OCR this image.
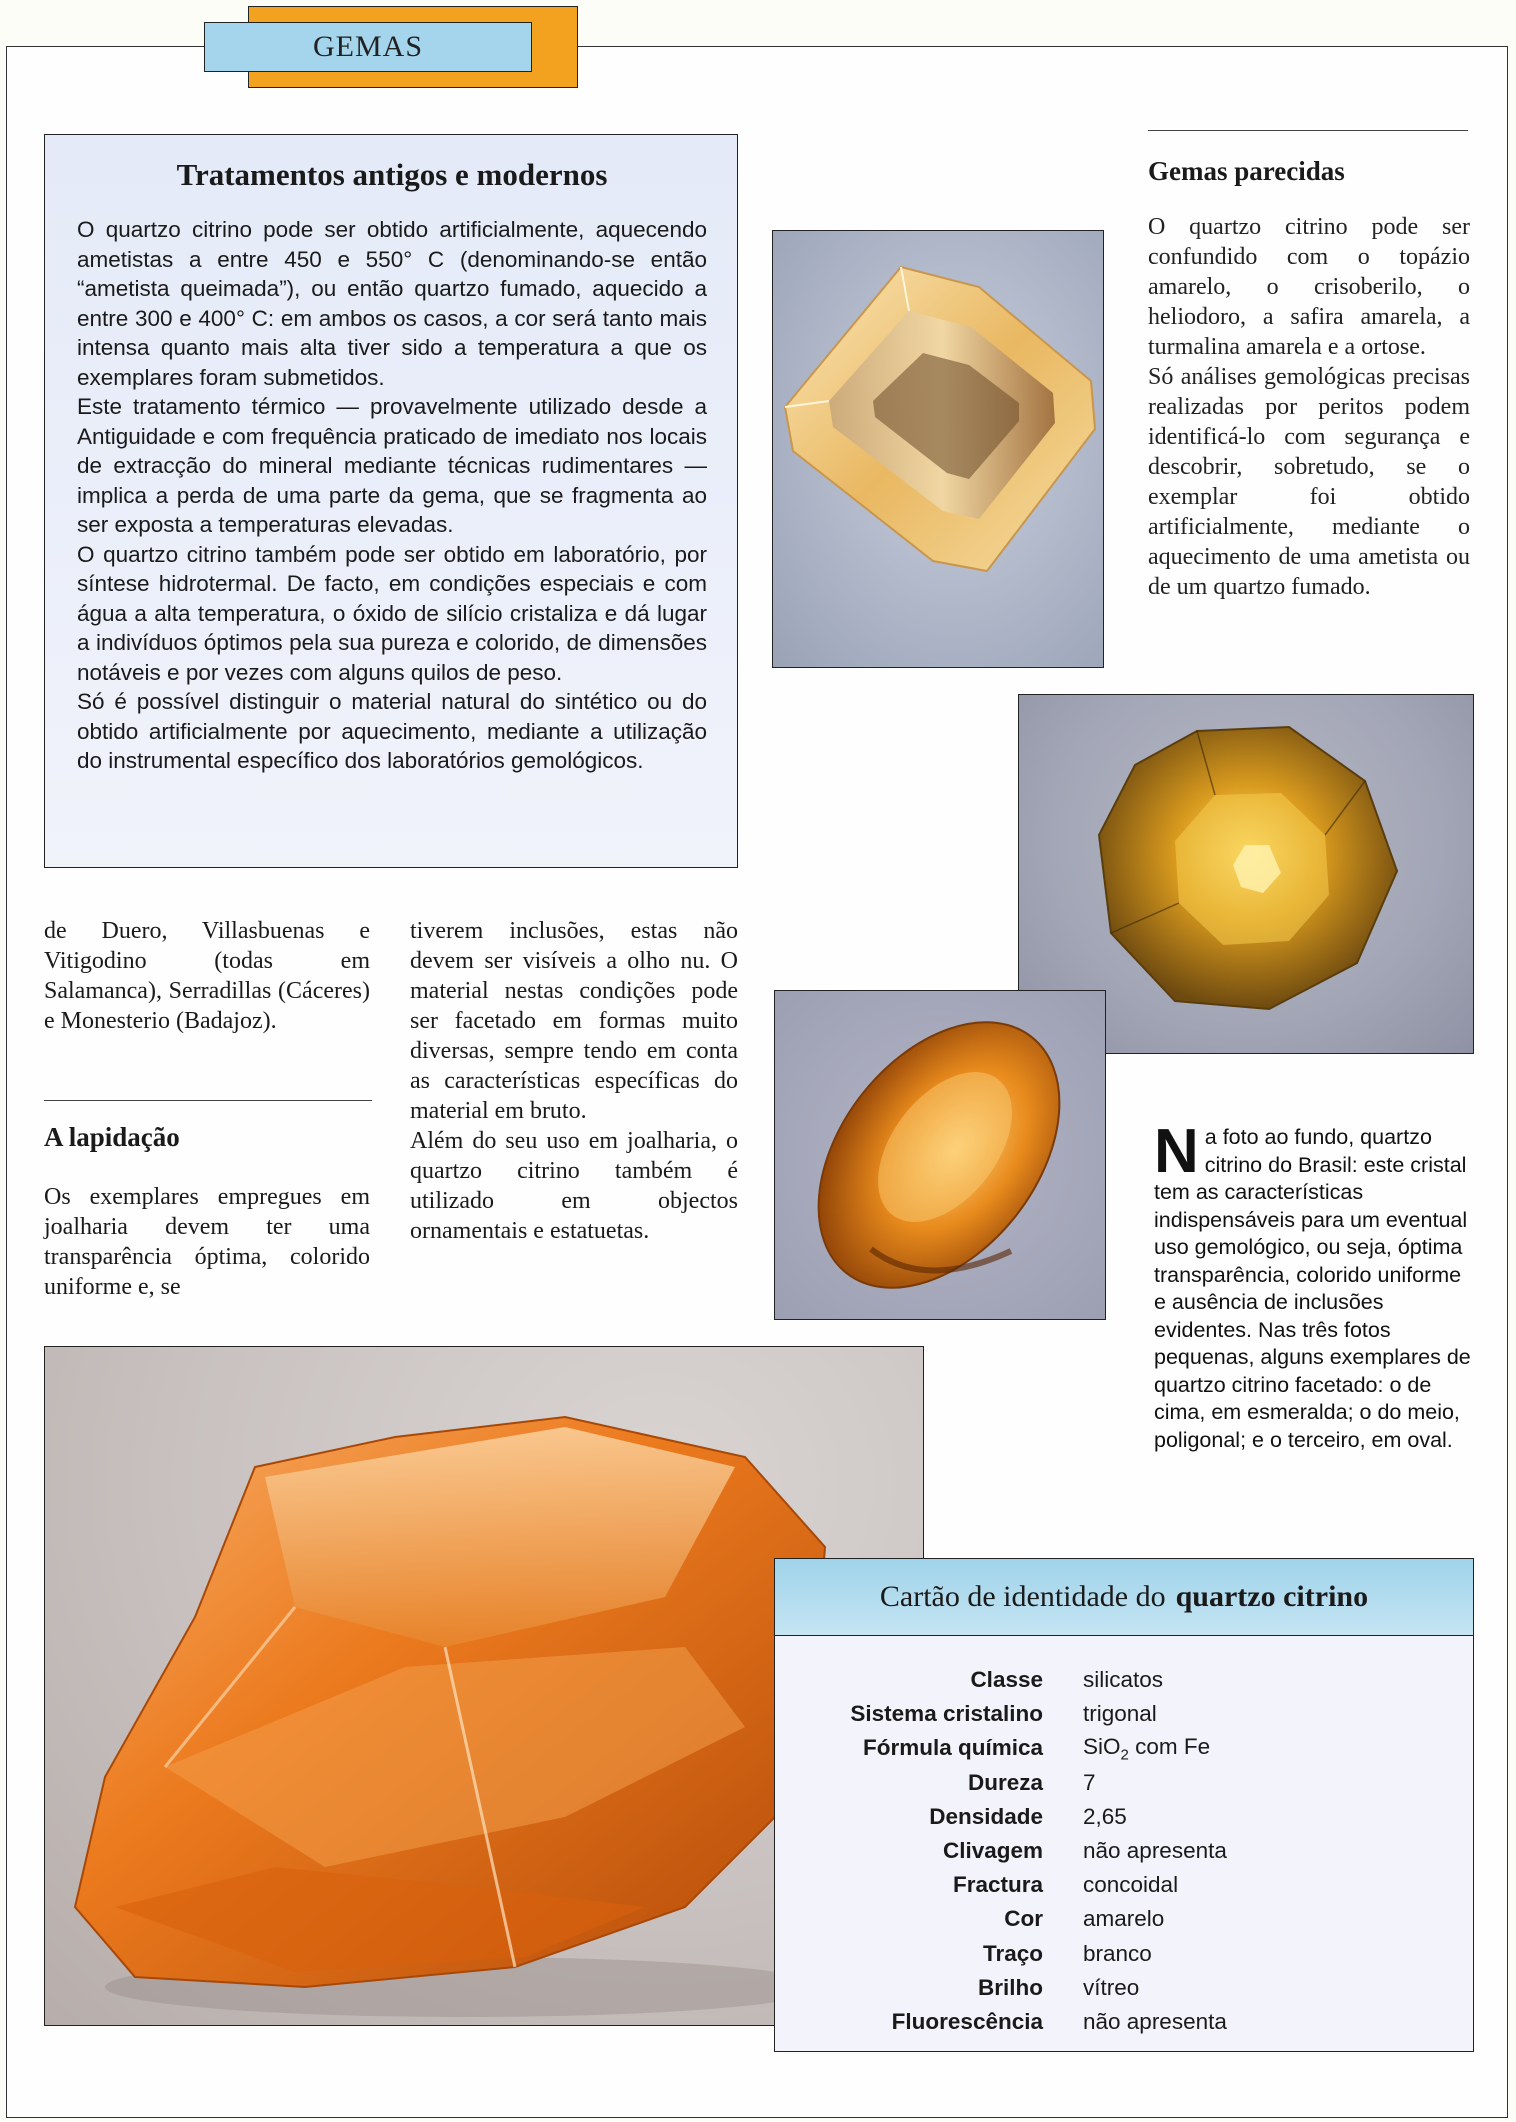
GEMAS
Tratamentos antigos e modernos

O quartzo citrino pode ser obtido artificialmente, aquecendo ametistas a entre 450 e 550° C (denominando-se então “ametista queimada”), ou então quartzo fumado, aquecido a entre 300 e 400° C: em ambos os casos, a cor será tanto mais intensa quanto mais alta tiver sido a temperatura a que os exemplares foram submetidos.

Este tratamento térmico — provavelmente utilizado desde a Antiguidade e com frequência praticado de imediato nos locais de extracção do mineral mediante técnicas rudimentares — implica a perda de uma parte da gema, que se fragmenta ao ser exposta a temperaturas elevadas.

O quartzo citrino também pode ser obtido em laboratório, por síntese hidrotermal. De facto, em condições especiais e com água a alta temperatura, o óxido de silício cristaliza e dá lugar a indivíduos óptimos pela sua pureza e colorido, de dimensões notáveis e por vezes com alguns quilos de peso.

Só é possível distinguir o material natural do sintético ou do obtido artificialmente por aquecimento, mediante a utilização do instrumental específico dos laboratórios gemológicos.

Gemas parecidas

O quartzo citrino pode ser confundido com o topázio amarelo, o crisoberilo, o heliodoro, a safira amarela, a turmalina amarela e a ortose.

Só análises gemológicas precisas realizadas por peritos podem identificá-lo com segurança e descobrir, sobretudo, se o exemplar foi obtido artificialmente, mediante o aquecimento de uma ametista ou de um quartzo fumado.

de Duero, Villasbuenas e Vitigodino (todas em Salamanca), Serradillas (Cáceres) e Monesterio (Badajoz).

A lapidação

Os exemplares empregues em joalharia devem ter uma transparência óptima, colorido uniforme e, se

tiverem inclusões, estas não devem ser visíveis a olho nu. O material nestas condições pode ser facetado em formas muito diversas, sempre tendo em conta as características específicas do material em bruto.

Além do seu uso em joalharia, o quartzo citrino também é utilizado em objectos ornamentais e estatuetas.

Na foto ao fundo, quartzo citrino do Brasil: este cristal tem as características indispensáveis para um eventual uso gemológico, ou seja, óptima transparência, colorido uniforme e ausência de inclusões evidentes. Nas três fotos pequenas, alguns exemplares de quartzo citrino facetado: o de cima, em esmeralda; o do meio, poligonal; e o terceiro, em oval.
Cartão de identidade do quartzo citrino
Classe	silicatos
Sistema cristalino	trigonal
Fórmula química	SiO$_2$ com Fe
Dureza	7
Densidade	2,65
Clivagem	não apresenta
Fractura	concoidal
Cor	amarelo
Traço	branco
Brilho	vítreo
Fluorescência	não apresenta
